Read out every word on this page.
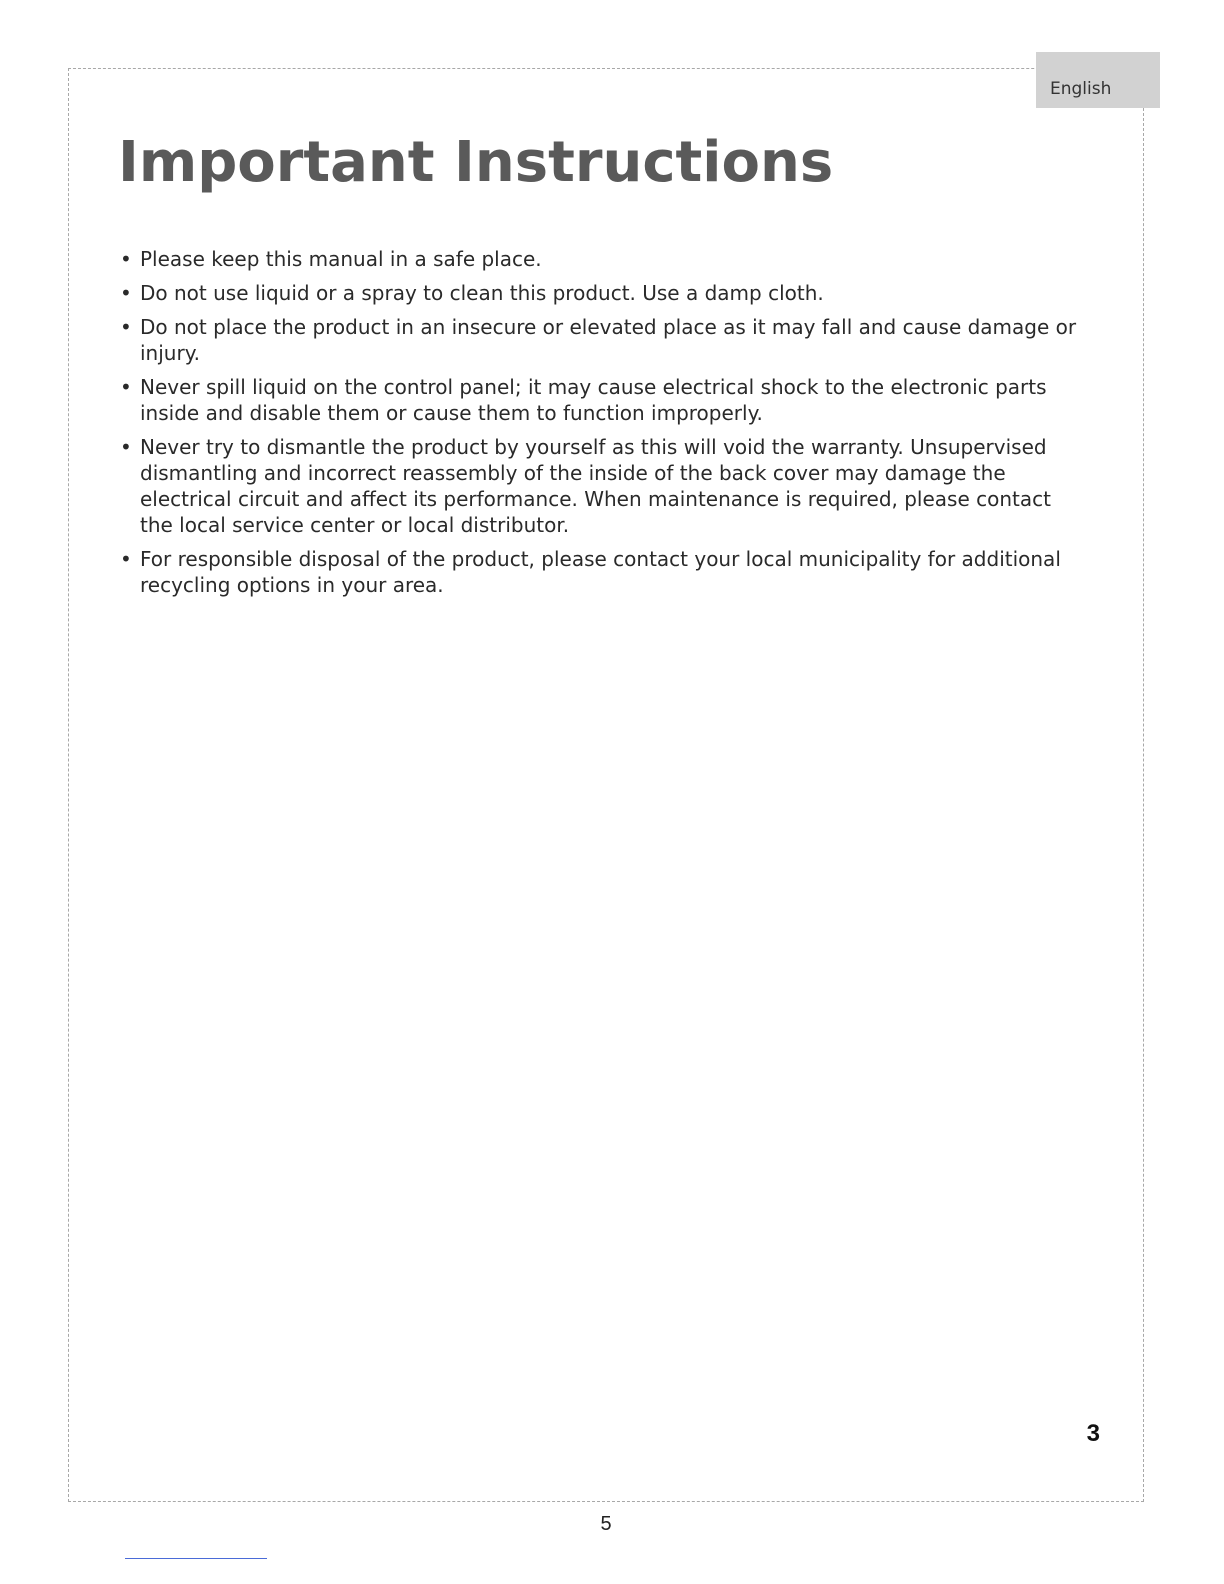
English
Important Instructions
• Please keep this manual in a safe place.
• Do not use liquid or a spray to clean this product. Use a damp cloth.
• Do not place the product in an insecure or elevated place as it may fall and cause damage or injury.
• Never spill liquid on the control panel; it may cause electrical shock to the electronic parts inside and disable them or cause them to function improperly.
• Never try to dismantle the product by yourself as this will void the warranty. Unsupervised dismantling and incorrect reassembly of the inside of the back cover may damage the electrical circuit and affect its performance. When maintenance is required, please contact the local service center or local distributor.
• For responsible disposal of the product, please contact your local municipality for additional recycling options in your area.
3
5
